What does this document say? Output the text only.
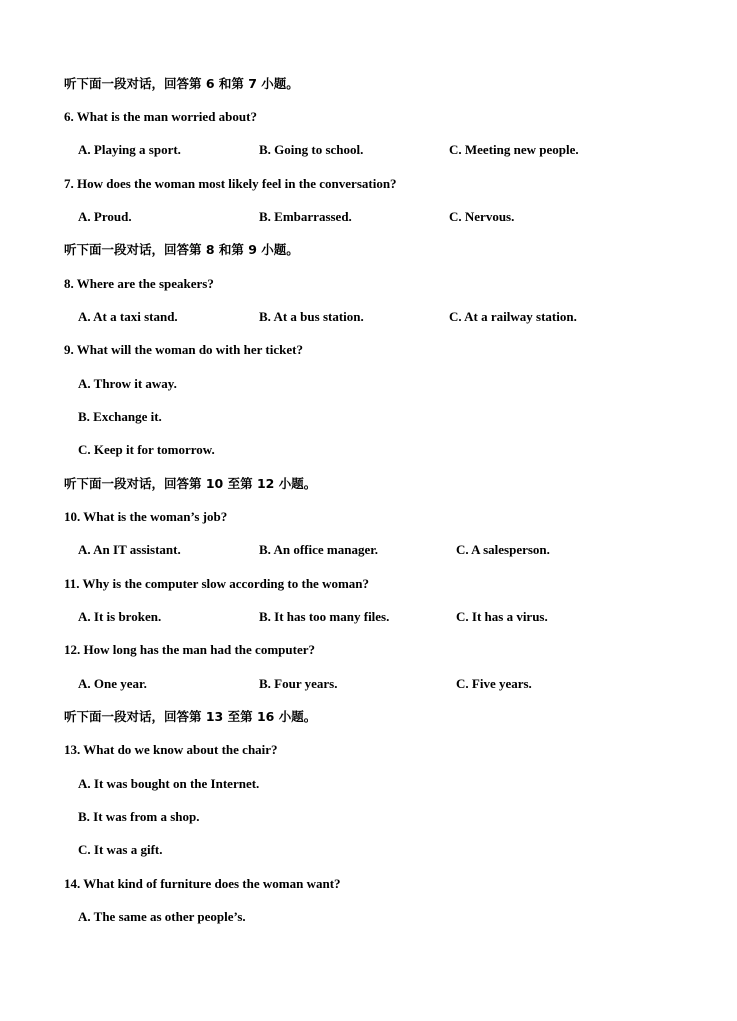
听下面一段对话，回答第 6 和第 7 小题。
6. What is the man worried about?
A. Playing a sport.	B. Going to school.	C. Meeting new people.
7. How does the woman most likely feel in the conversation?
A. Proud.	B. Embarrassed.	C. Nervous.
听下面一段对话，回答第 8 和第 9 小题。
8. Where are the speakers?
A. At a taxi stand.	B. At a bus station.	C. At a railway station.
9. What will the woman do with her ticket?
A. Throw it away.
B. Exchange it.
C. Keep it for tomorrow.
听下面一段对话，回答第 10 至第 12 小题。
10. What is the woman’s job?
A. An IT assistant.	B. An office manager.	C. A salesperson.
11. Why is the computer slow according to the woman?
A. It is broken.	B. It has too many files.	C. It has a virus.
12. How long has the man had the computer?
A. One year.	B. Four years.	C. Five years.
听下面一段对话，回答第 13 至第 16 小题。
13. What do we know about the chair?
A. It was bought on the Internet.
B. It was from a shop.
C. It was a gift.
14. What kind of furniture does the woman want?
A. The same as other people’s.
